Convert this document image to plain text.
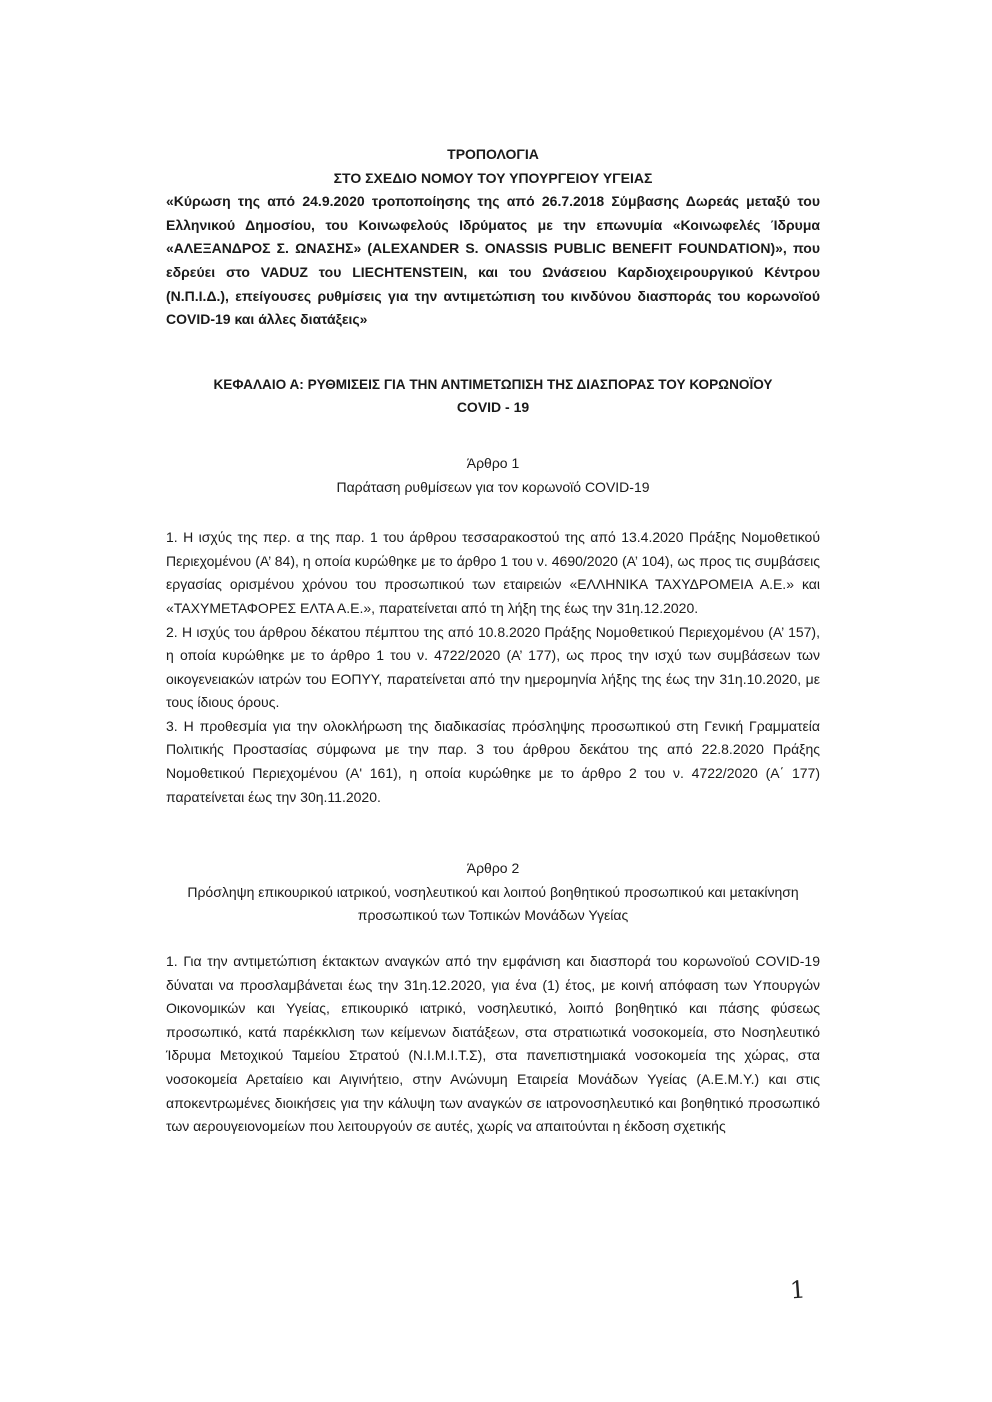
ΤΡΟΠΟΛΟΓΙΑ

ΣΤΟ ΣΧΕΔΙΟ ΝΟΜΟΥ ΤΟΥ ΥΠΟΥΡΓΕΙΟΥ ΥΓΕΙΑΣ

«Κύρωση της από 24.9.2020 τροποποίησης της από 26.7.2018 Σύμβασης Δωρεάς μεταξύ του Ελληνικού Δημοσίου, του Κοινωφελούς Ιδρύματος με την επωνυμία «Κοινωφελές Ίδρυμα «ΑΛΕΞΑΝΔΡΟΣ Σ. ΩΝΑΣΗΣ» (ALEXANDER S. ONASSIS PUBLIC BENEFIT FOUNDATION)», που εδρεύει στο VADUZ του LIECHTENSTEIN, και του Ωνάσειου Καρδιοχειρουργικού Κέντρου (Ν.Π.Ι.Δ.), επείγουσες ρυθμίσεις για την αντιμετώπιση του κινδύνου διασποράς του κορωνοϊού COVID-19 και άλλες διατάξεις»

ΚΕΦΑΛΑΙΟ Α: ΡΥΘΜΙΣΕΙΣ ΓΙΑ ΤΗΝ ΑΝΤΙΜΕΤΩΠΙΣΗ ΤΗΣ ΔΙΑΣΠΟΡΑΣ ΤΟΥ ΚΟΡΩΝΟΪΟΥ

COVID - 19

Άρθρο 1

Παράταση ρυθμίσεων για τον κορωνοϊό COVID-19

1. Η ισχύς της περ. α της παρ. 1 του άρθρου τεσσαρακοστού της από 13.4.2020 Πράξης Νομοθετικού Περιεχομένου (Α’ 84), η οποία κυρώθηκε με το άρθρο 1 του ν. 4690/2020 (Α’ 104), ως προς τις συμβάσεις εργασίας ορισμένου χρόνου του προσωπικού των εταιρειών «ΕΛΛΗΝΙΚΑ ΤΑΧΥΔΡΟΜΕΙΑ Α.Ε.» και «ΤΑΧΥΜΕΤΑΦΟΡΕΣ ΕΛΤΑ Α.Ε.», παρατείνεται από τη λήξη της έως την 31η.12.2020.

2. Η ισχύς του άρθρου δέκατου πέμπτου της από 10.8.2020 Πράξης Νομοθετικού Περιεχομένου (Α’ 157), η οποία κυρώθηκε με το άρθρο 1 του ν. 4722/2020 (Α’ 177), ως προς την ισχύ των συμβάσεων των οικογενειακών ιατρών του ΕΟΠΥΥ, παρατείνεται από την ημερομηνία λήξης της έως την 31η.10.2020, με τους ίδιους όρους.

3. Η προθεσμία για την ολοκλήρωση της διαδικασίας πρόσληψης προσωπικού στη Γενική Γραμματεία Πολιτικής Προστασίας σύμφωνα με την παρ. 3 του άρθρου δεκάτου της από 22.8.2020 Πράξης Νομοθετικού Περιεχομένου (Α' 161), η οποία κυρώθηκε με το άρθρο 2 του ν. 4722/2020 (Α΄ 177) παρατείνεται έως την 30η.11.2020.

Άρθρο 2

Πρόσληψη επικουρικού ιατρικού, νοσηλευτικού και λοιπού βοηθητικού προσωπικού και μετακίνηση προσωπικού των Τοπικών Μονάδων Υγείας

1. Για την αντιμετώπιση έκτακτων αναγκών από την εμφάνιση και διασπορά του κορωνοϊού COVID-19 δύναται να προσλαμβάνεται έως την 31η.12.2020, για ένα (1) έτος, με κοινή απόφαση των Υπουργών Οικονομικών και Υγείας, επικουρικό ιατρικό, νοσηλευτικό, λοιπό βοηθητικό και πάσης φύσεως προσωπικό, κατά παρέκκλιση των κείμενων διατάξεων, στα στρατιωτικά νοσοκομεία, στο Νοσηλευτικό Ίδρυμα Μετοχικού Ταμείου Στρατού (Ν.Ι.Μ.Ι.Τ.Σ), στα πανεπιστημιακά νοσοκομεία της χώρας, στα νοσοκομεία Αρεταίειο και Αιγινήτειο, στην Ανώνυμη Εταιρεία Μονάδων Υγείας (Α.Ε.Μ.Υ.) και στις αποκεντρωμένες διοικήσεις για την κάλυψη των αναγκών σε ιατρονοσηλευτικό και βοηθητικό προσωπικό των αερουγειονομείων που λειτουργούν σε αυτές, χωρίς να απαιτούνται η έκδοση σχετικής

1
